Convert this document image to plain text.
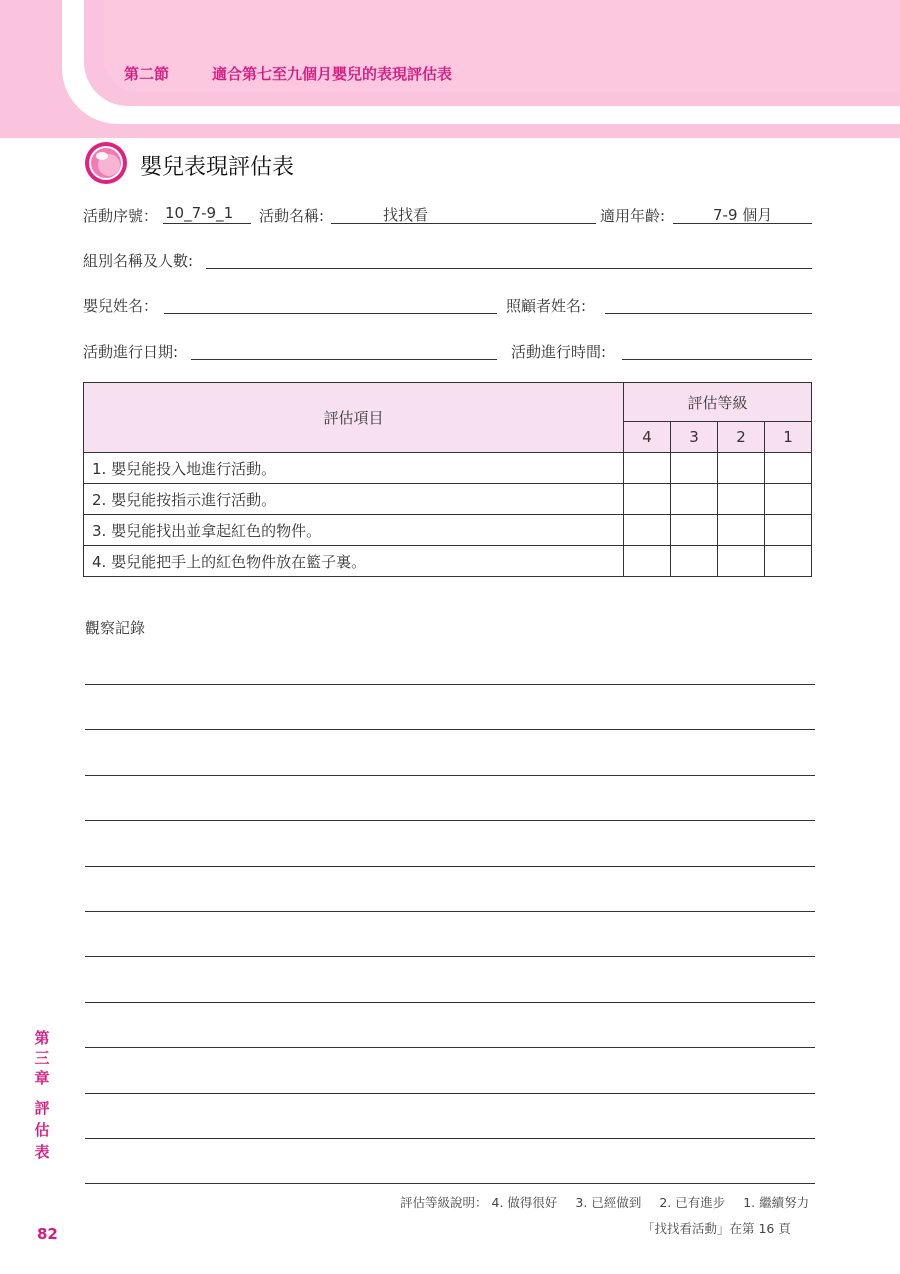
第二節	適合第七至九個月嬰兒的表現評估表
嬰兒表現評估表
活動序號： 10_7-9_1 活動名稱:	找找看	適用年齡:	7-9 個月
組別名稱及人數:
嬰兒姓名：	照顧者姓名:
活動進行日期:	活動進行時間:
評估項目	評估等級			
	4	3	2	1
1. 嬰兒能投入地進行活動。				
2. 嬰兒能按指示進行活動。				
3. 嬰兒能找出並拿起紅色的物件。				
4. 嬰兒能把手上的紅色物件放在籃子裏。				
觀察記錄
第
三
章
評
估
表
82
評估等級說明： 4. 做得很好 3. 已經做到 2. 已有進步 1. 繼續努力
「找找看活動」在第 16 頁
